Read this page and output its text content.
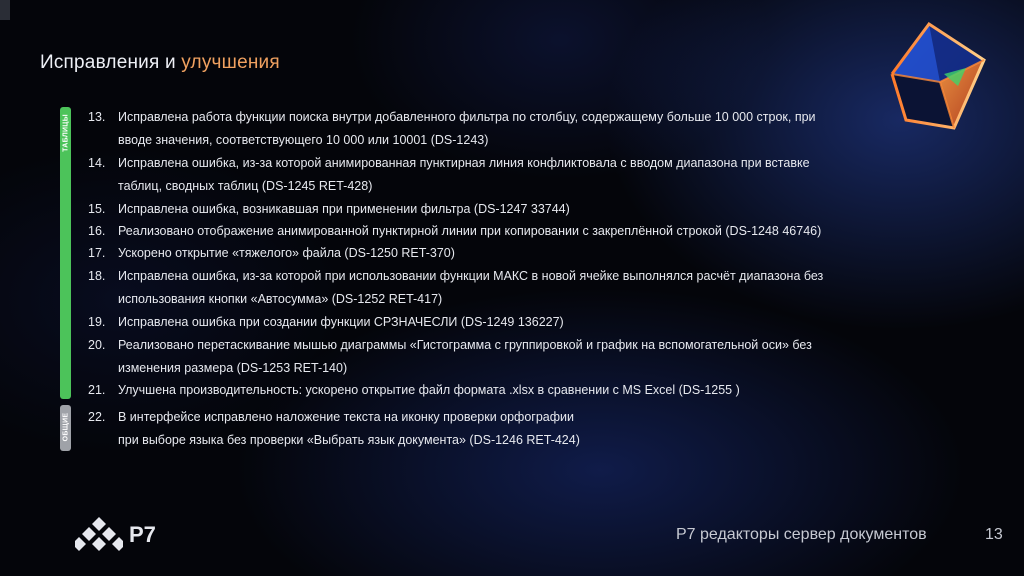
Исправления и улучшения
ТАБЛИЦЫ
ОБЩИЕ
13. Исправлена работа функции поиска внутри добавленного фильтра по столбцу, содержащему больше 10 000 строк, при
вводе значения, соответствующего 10 000 или 10001 (DS-1243)
14. Исправлена ошибка, из-за которой анимированная пунктирная линия конфликтовала с вводом диапазона при вставке
таблиц, сводных таблиц (DS-1245 RET-428)
15. Исправлена ошибка, возникавшая при применении фильтра (DS-1247 33744)
16. Реализовано отображение анимированной пунктирной линии при копировании с закреплённой строкой (DS-1248 46746)
17. Ускорено открытие «тяжелого» файла (DS-1250 RET-370)
18. Исправлена ошибка, из-за которой при использовании функции МАКС в новой ячейке выполнялся расчёт диапазона без
использования кнопки «Автосумма» (DS-1252 RET-417)
19. Исправлена ошибка при создании функции СРЗНАЧЕСЛИ (DS-1249 136227)
20. Реализовано перетаскивание мышью диаграммы «Гистограмма с группировкой и график на вспомогательной оси» без
изменения размера (DS-1253 RET-140)
21. Улучшена производительность: ускорено открытие файл формата .xlsx в сравнении с MS Excel (DS-1255 )
22. В интерфейсе исправлено наложение текста на иконку проверки орфографии
при выборе языка без проверки «Выбрать язык документа» (DS-1246 RET-424)
Р7	Р7 редакторы сервер документов	13
